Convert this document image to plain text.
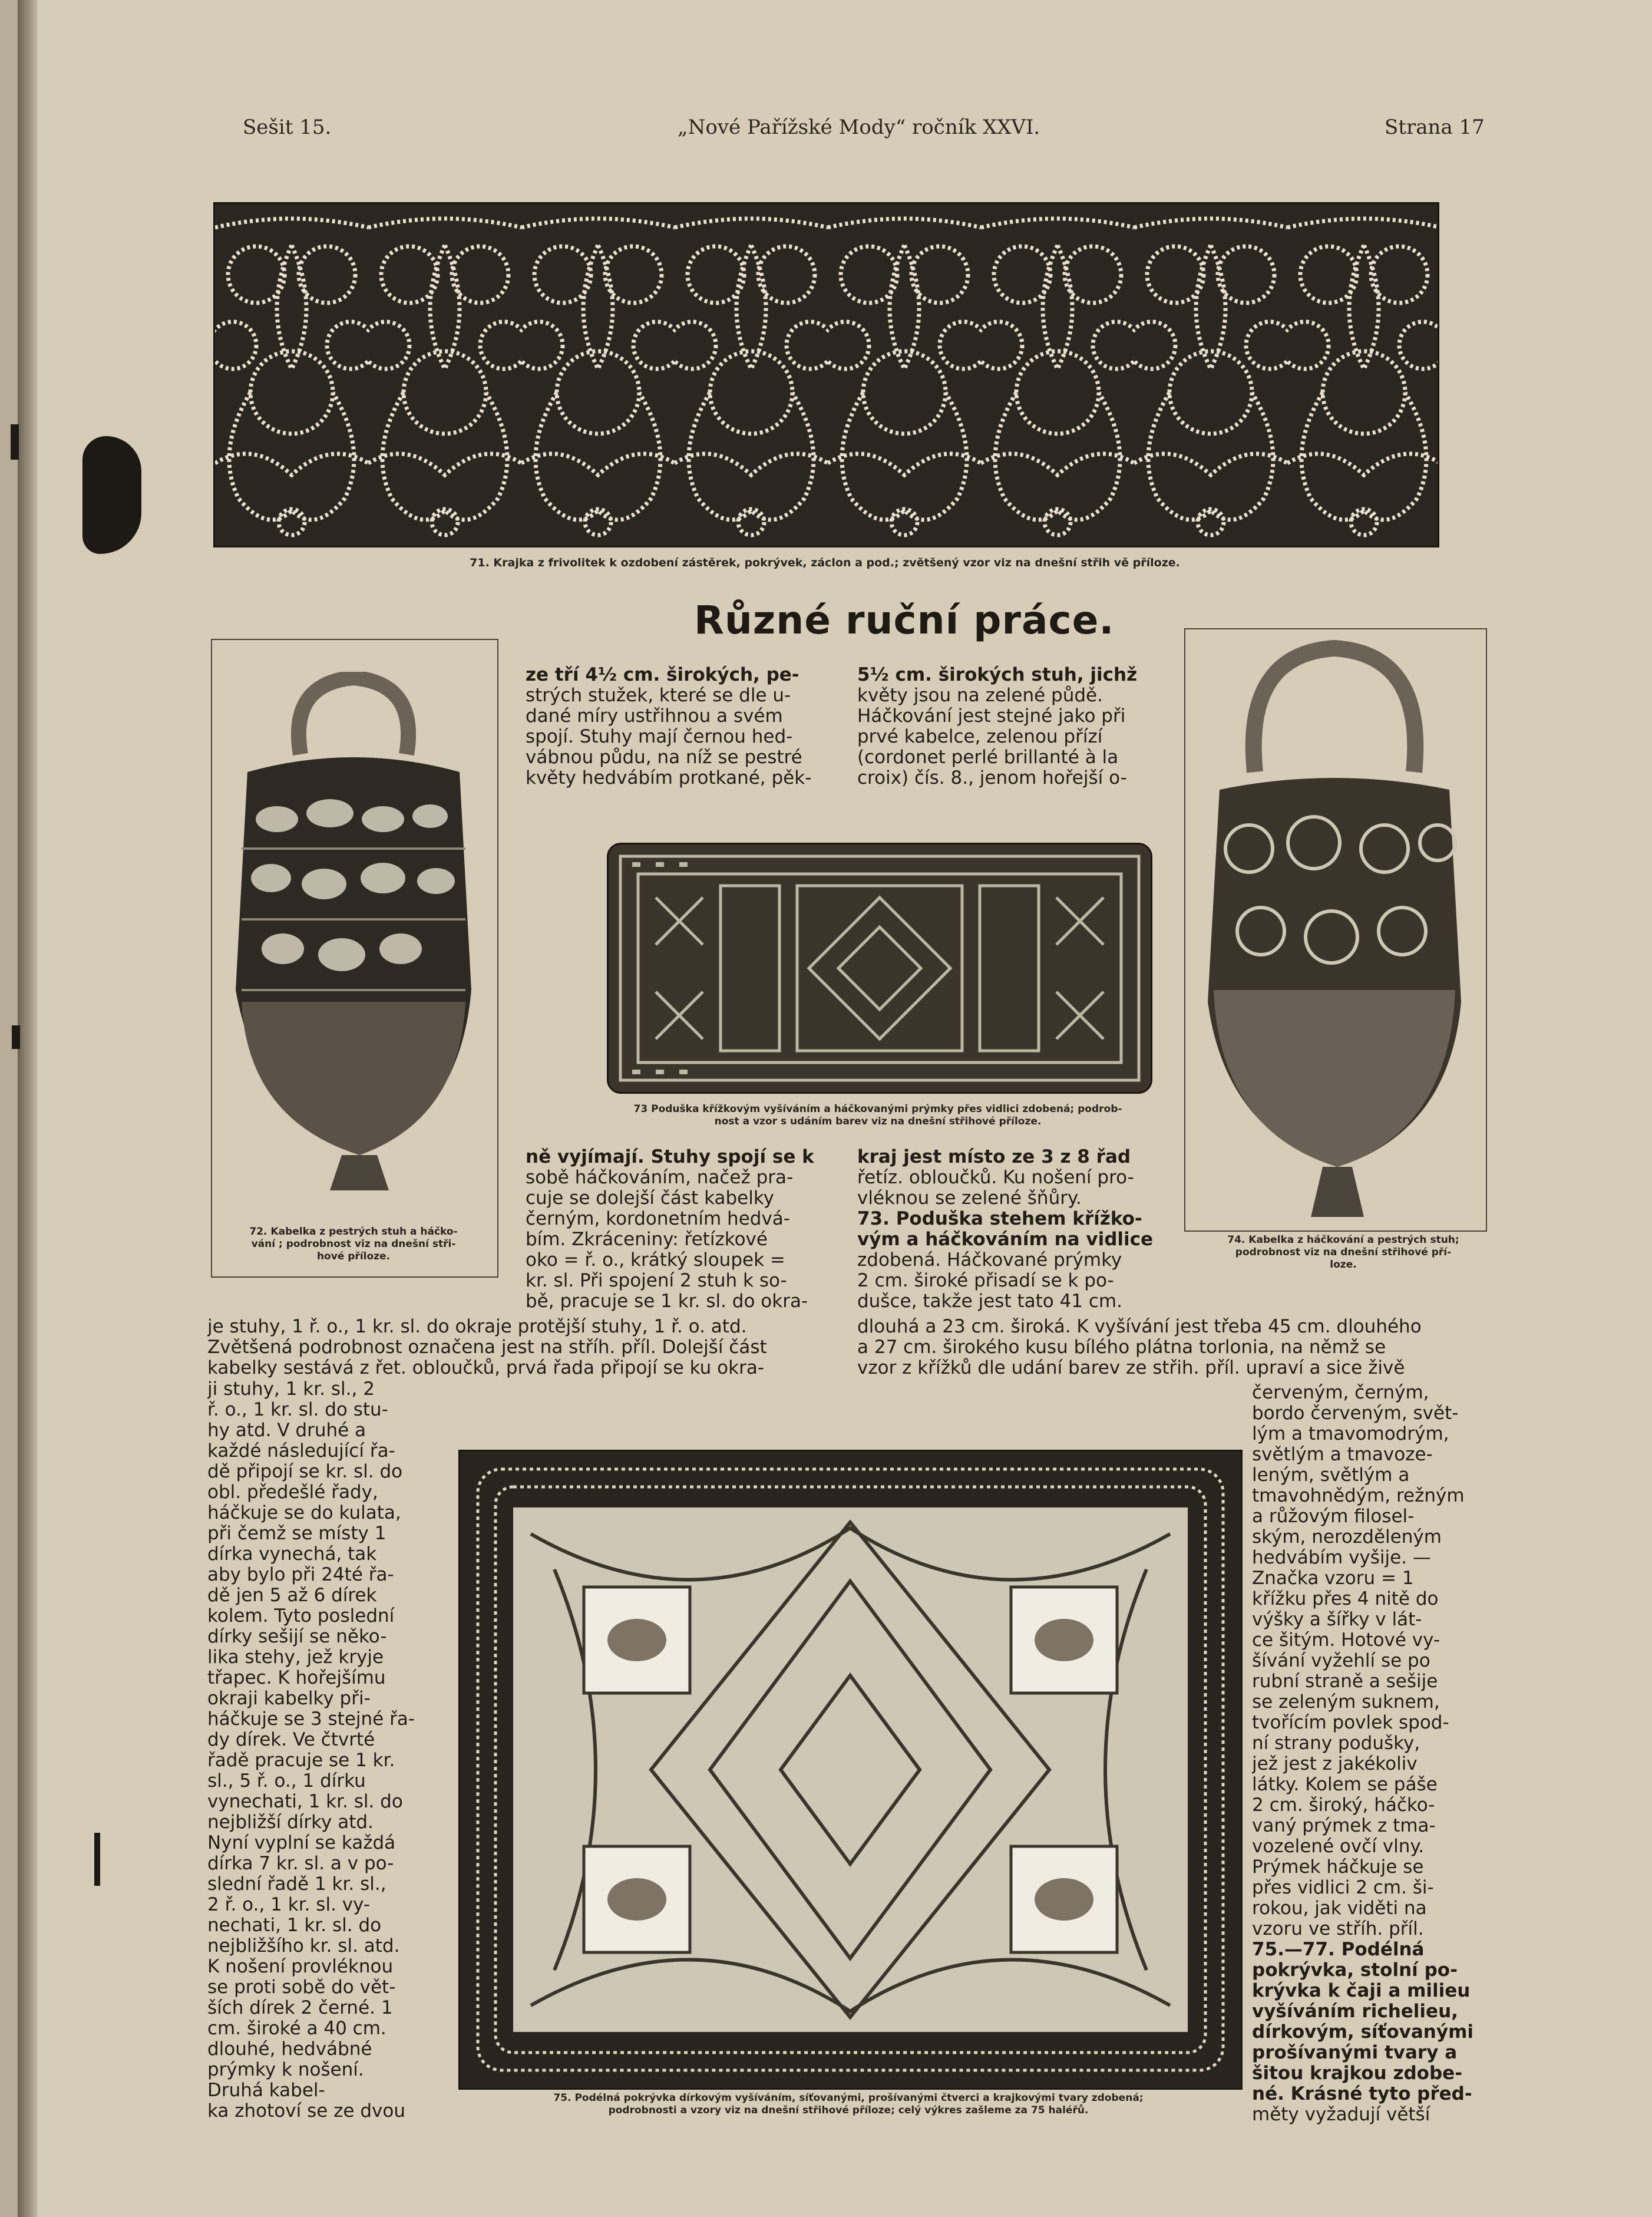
Sešit 15.	„Nové Pařížské Mody“ ročník XXVI.	Strana 17
71. Krajka z frivolitek k ozdobení zástěrek, pokrývek, záclon a pod.; zvětšený vzor viz na dnešní střih vě příloze.
Různé ruční práce.
72. Kabelka z pestrých stuh a háčko-
vání ; podrobnost viz na dnešní stři-
hové příloze.
74. Kabelka z háčkování a pestrých stuh;
podrobnost viz na dnešní střihové pří-
loze.
ze tří 4½ cm. širokých, pe-
strých stužek, které se dle u-
dané míry ustřihnou a svém
spojí. Stuhy mají černou hed-
vábnou půdu, na níž se pestré
květy hedvábím protkané, pěk-
5½ cm. širokých stuh, jichž
květy jsou na zelené půdě.
Háčkování jest stejné jako při
prvé kabelce, zelenou přízí
(cordonet perlé brillanté à la
croix) čís. 8., jenom hořejší o-
73 Poduška křížkovým vyšíváním a háčkovanými prýmky přes vidlici zdobená; podrob-
nost a vzor s udáním barev viz na dnešní střihové příloze.
ně vyjímají. Stuhy spojí se k
sobě háčkováním, načež pra-
cuje se dolejší část kabelky
černým, kordonetním hedvá-
bím. Zkráceniny: řetízkové
oko = ř. o., krátký sloupek =
kr. sl. Při spojení 2 stuh k so-
bě, pracuje se 1 kr. sl. do okra-
kraj jest místo ze 3 z 8 řad
řetíz. obloučků. Ku nošení pro-
vléknou se zelené šňůry.
73. Poduška stehem křížko-
vým a háčkováním na vidlice
zdobená. Háčkované prýmky
2 cm. široké přisadí se k po-
dušce, takže jest tato 41 cm.
je stuhy, 1 ř. o., 1 kr. sl. do okraje protější stuhy, 1 ř. o. atd.
Zvětšená podrobnost označena jest na stříh. příl. Dolejší část
kabelky sestává z řet. obloučků, prvá řada připojí se ku okra-
dlouhá a 23 cm. široká. K vyšívání jest třeba 45 cm. dlouhého
a 27 cm. širokého kusu bílého plátna torlonia, na němž se
vzor z křížků dle udání barev ze střih. příl. upraví a sice živě
ji stuhy, 1 kr. sl., 2
ř. o., 1 kr. sl. do stu-
hy atd. V druhé a
každé následující řa-
dě připojí se kr. sl. do
obl. předešlé řady,
háčkuje se do kulata,
při čemž se místy 1
dírka vynechá, tak
aby bylo při 24té řa-
dě jen 5 až 6 dírek
kolem. Tyto poslední
dírky sešijí se něko-
lika stehy, jež kryje
třapec. K hořejšímu
okraji kabelky při-
háčkuje se 3 stejné řa-
dy dírek. Ve čtvrté
řadě pracuje se 1 kr.
sl., 5 ř. o., 1 dírku
vynechati, 1 kr. sl. do
nejbližší dírky atd.
Nyní vyplní se každá
dírka 7 kr. sl. a v po-
slední řadě 1 kr. sl.,
2 ř. o., 1 kr. sl. vy-
nechati, 1 kr. sl. do
nejbližšího kr. sl. atd.
K nošení provléknou
se proti sobě do vět-
ších dírek 2 černé. 1
cm. široké a 40 cm.
dlouhé, hedvábné
prýmky k nošení.
Druhá kabel-
ka zhotoví se ze dvou
červeným, černým,
bordo červeným, svět-
lým a tmavomodrým,
světlým a tmavoze-
leným, světlým a
tmavohnědým, režným
a růžovým filosel-
ským, nerozděleným
hedvábím vyšije. —
Značka vzoru = 1
křížku přes 4 nitě do
výšky a šířky v lát-
ce šitým. Hotové vy-
šívání vyžehlí se po
rubní straně a sešije
se zeleným suknem,
tvořícím povlek spod-
ní strany podušky,
jež jest z jakékoliv
látky. Kolem se páše
2 cm. široký, háčko-
vaný prýmek z tma-
vozelené ovčí vlny.
Prýmek háčkuje se
přes vidlici 2 cm. ši-
rokou, jak viděti na
vzoru ve stříh. příl.
75.—77. Podélná
pokrývka, stolní po-
krývka k čaji a milieu
vyšíváním richelieu,
dírkovým, síťovanými
prošívanými tvary a
šitou krajkou zdobe-
né. Krásné tyto před-
měty vyžadují větší
75. Podélná pokrývka dírkovým vyšíváním, síťovanými, prošívanými čtverci a krajkovými tvary zdobená;
podrobnosti a vzory viz na dnešní střihové příloze; celý výkres zašleme za 75 haléřů.
